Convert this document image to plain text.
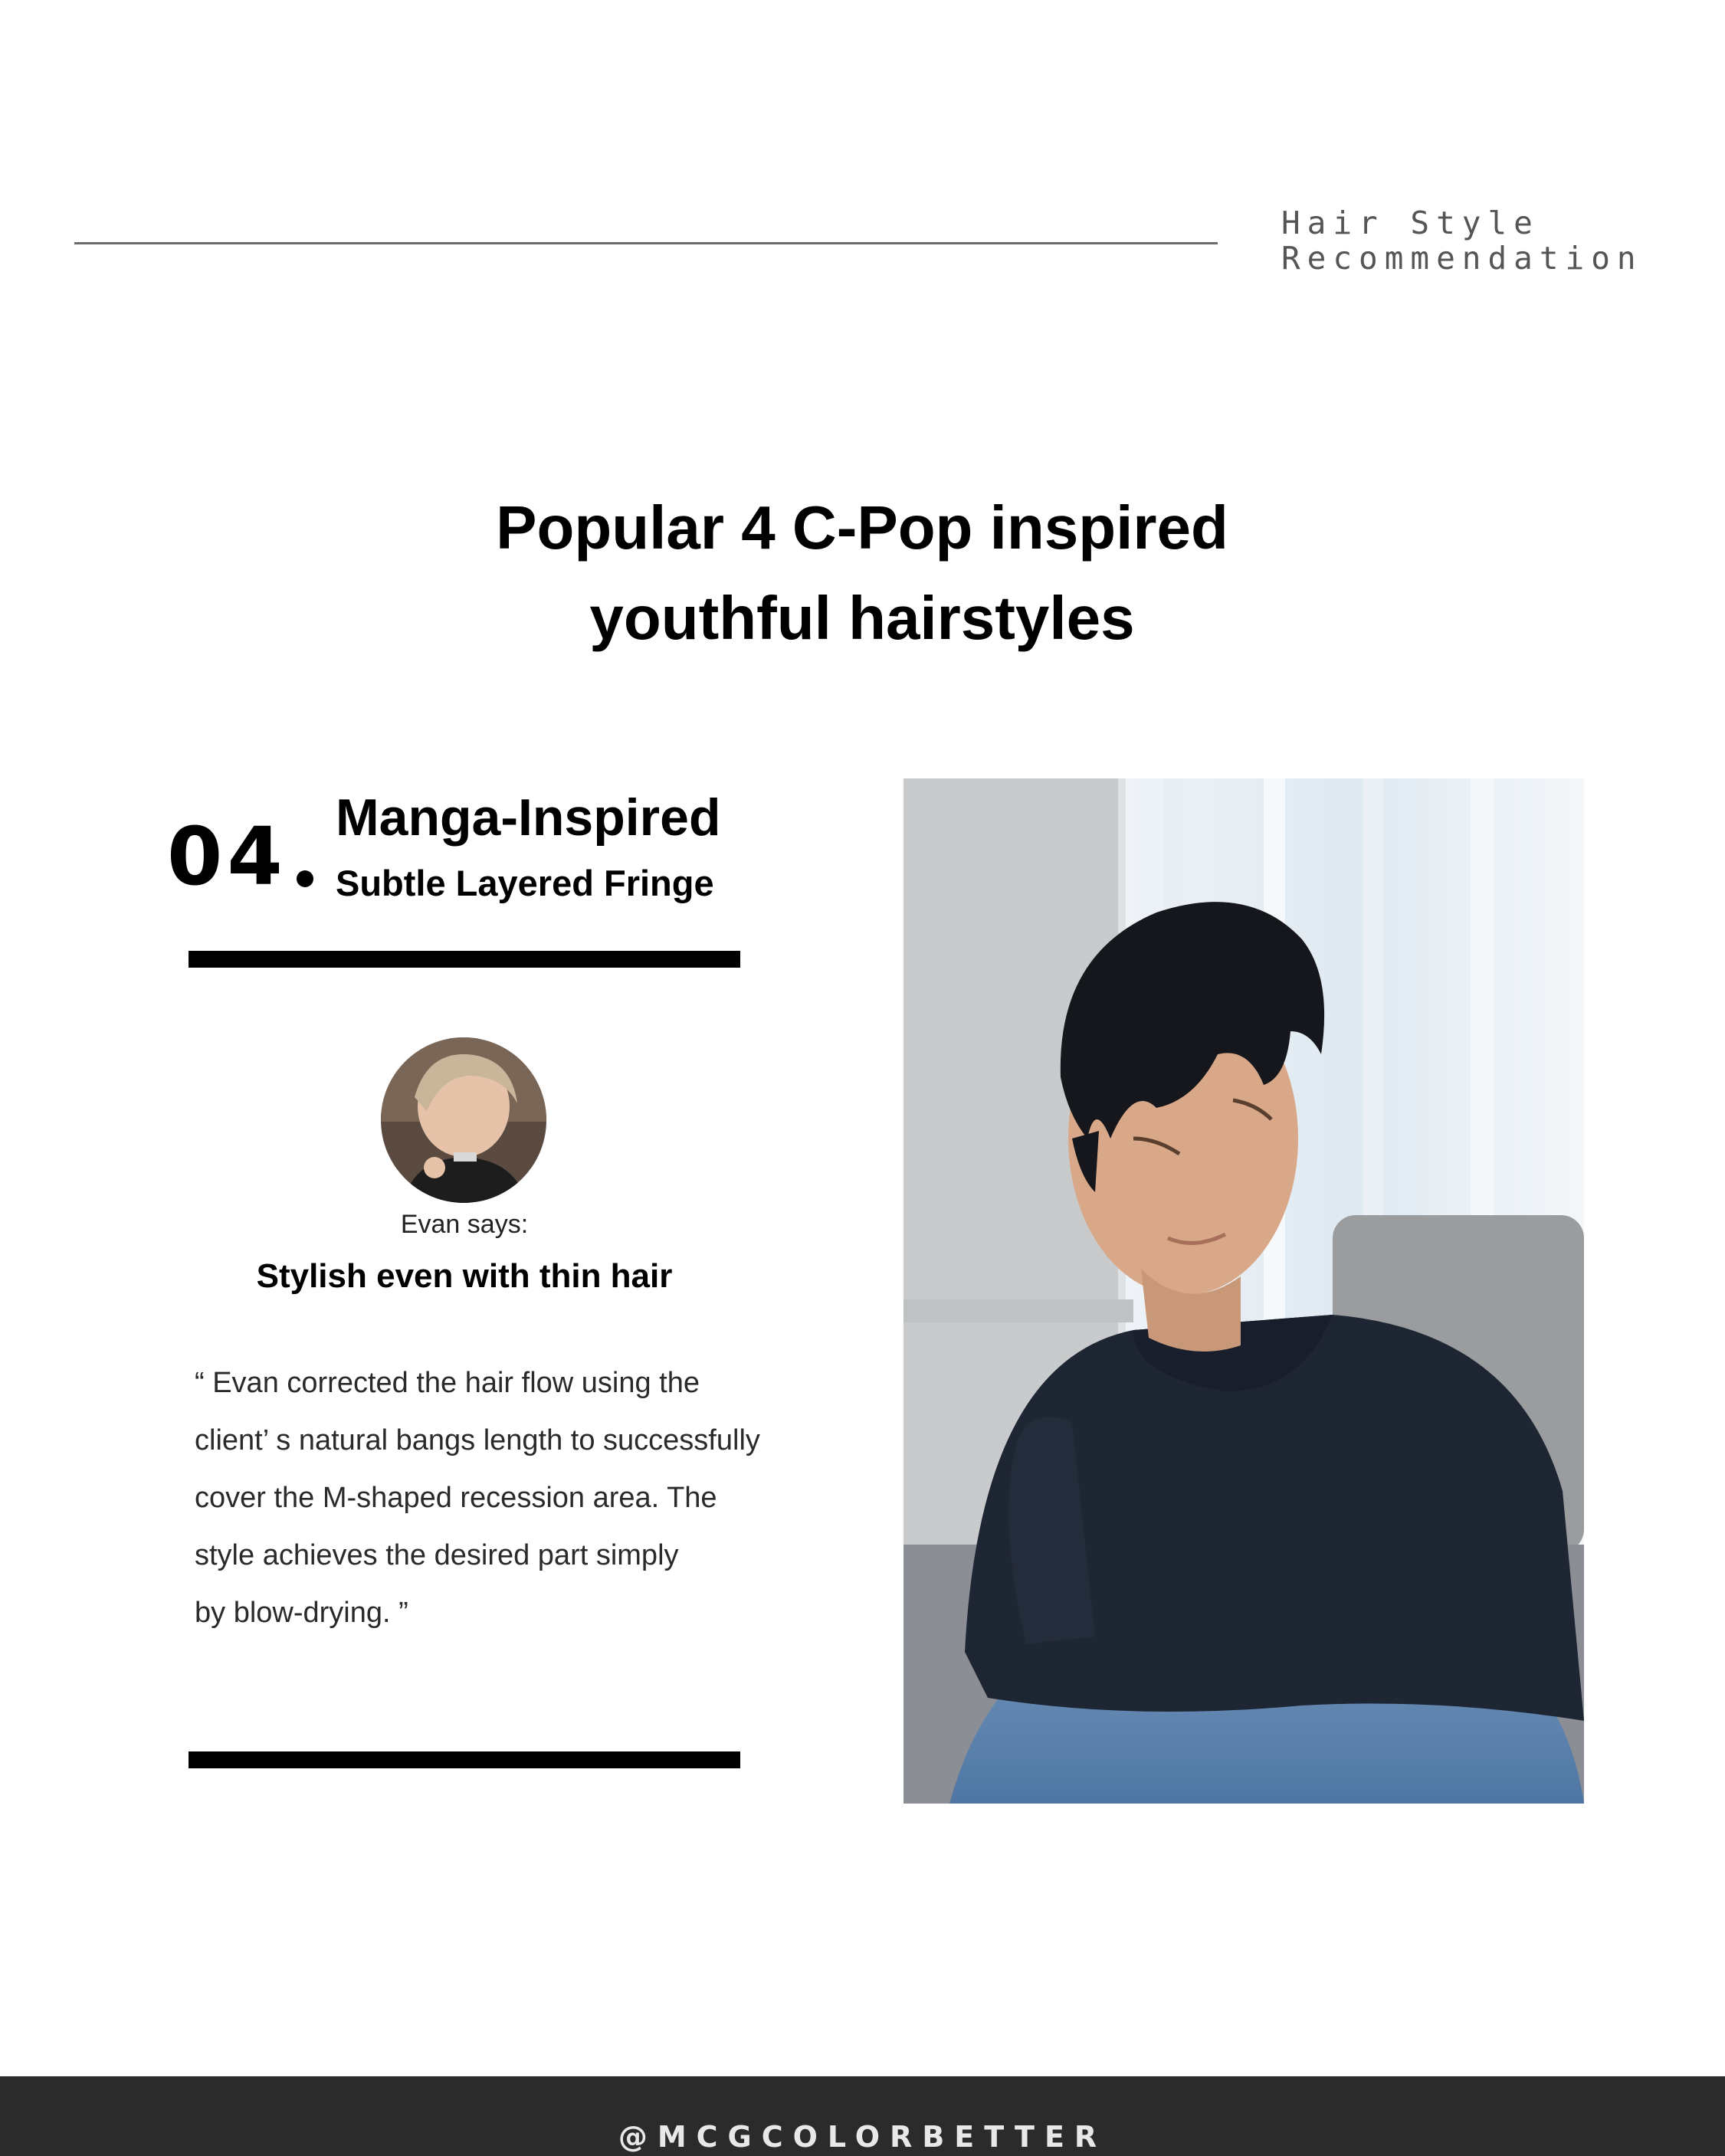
Hair Style
Recommendation
Popular 4 C-Pop inspired
youthful hairstyles
04 Manga-Inspired
Subtle Layered Fringe
Evan says:
Stylish even with thin hair
“ Evan corrected the hair flow using the
client’ s natural bangs length to successfully
cover the M-shaped recession area. The
style achieves the desired part simply
by blow-drying. ”
@MCGCOLORBETTER
